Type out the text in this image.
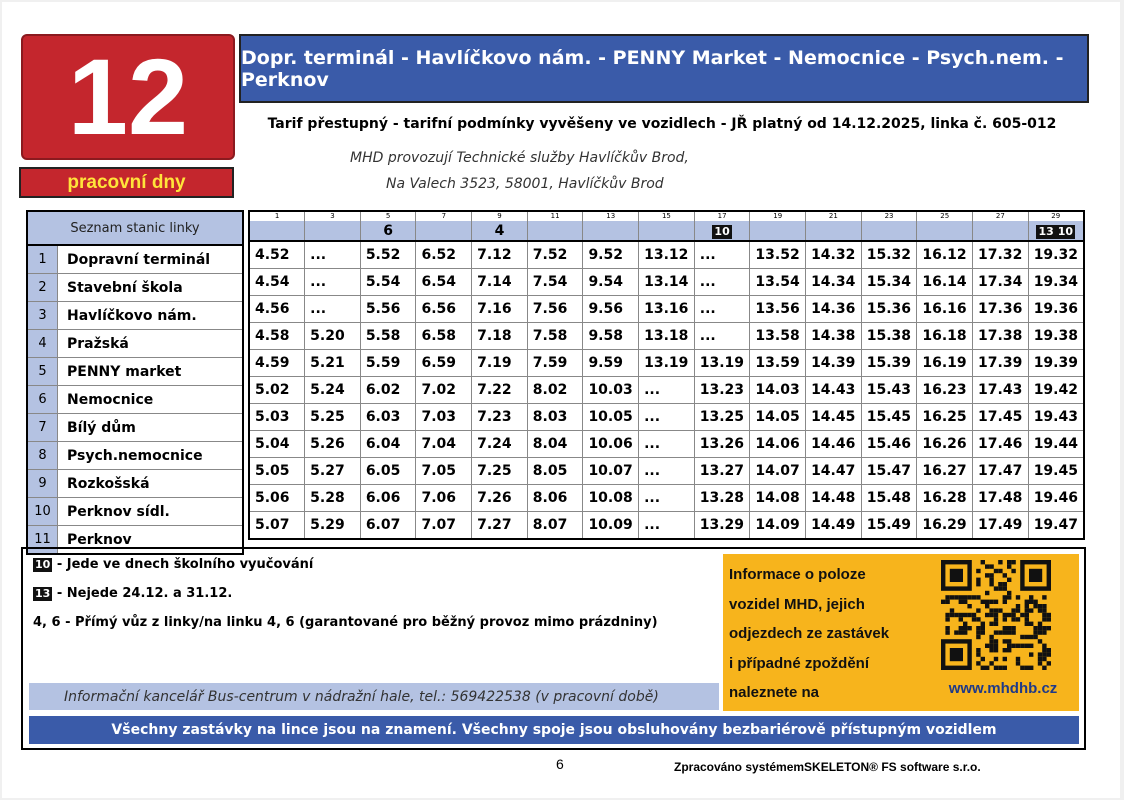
12
pracovní dny
Dopr. terminál - Havlíčkovo nám. - PENNY Market - Nemocnice - Psych.nem. - Perknov
Tarif přestupný - tarifní podmínky vyvěšeny ve vozidlech - JŘ platný od 14.12.2025, linka č. 605-012
MHD provozují Technické služby Havlíčkův Brod,
Na Valech 3523, 58001, Havlíčkův Brod
Seznam stanic linky
1	Dopravní terminál
2	Stavební škola
3	Havlíčkovo nám.
4	Pražská
5	PENNY market
6	Nemocnice
7	Bílý dům
8	Psych.nemocnice
9	Rozkošská
10	Perknov sídl.
11	Perknov
1	3	5	7	9	11	13	15	17	19	21	23	25	27	29
		6		4				10						13 10
4.52	...	5.52	6.52	7.12	7.52	9.52	13.12	...	13.52	14.32	15.32	16.12	17.32	19.32
4.54	...	5.54	6.54	7.14	7.54	9.54	13.14	...	13.54	14.34	15.34	16.14	17.34	19.34
4.56	...	5.56	6.56	7.16	7.56	9.56	13.16	...	13.56	14.36	15.36	16.16	17.36	19.36
4.58	5.20	5.58	6.58	7.18	7.58	9.58	13.18	...	13.58	14.38	15.38	16.18	17.38	19.38
4.59	5.21	5.59	6.59	7.19	7.59	9.59	13.19	13.19	13.59	14.39	15.39	16.19	17.39	19.39
5.02	5.24	6.02	7.02	7.22	8.02	10.03	...	13.23	14.03	14.43	15.43	16.23	17.43	19.42
5.03	5.25	6.03	7.03	7.23	8.03	10.05	...	13.25	14.05	14.45	15.45	16.25	17.45	19.43
5.04	5.26	6.04	7.04	7.24	8.04	10.06	...	13.26	14.06	14.46	15.46	16.26	17.46	19.44
5.05	5.27	6.05	7.05	7.25	8.05	10.07	...	13.27	14.07	14.47	15.47	16.27	17.47	19.45
5.06	5.28	6.06	7.06	7.26	8.06	10.08	...	13.28	14.08	14.48	15.48	16.28	17.48	19.46
5.07	5.29	6.07	7.07	7.27	8.07	10.09	...	13.29	14.09	14.49	15.49	16.29	17.49	19.47
10 - Jede ve dnech školního vyučování
13 - Nejede 24.12. a 31.12.
4, 6 - Přímý vůz z linky/na linku 4, 6 (garantované pro běžný provoz mimo prázdniny)
Informační kancelář Bus-centrum v nádražní hale, tel.: 569422538 (v pracovní době)
Informace o poloze
vozidel MHD, jejich
odjezdech ze zastávek
i případné zpoždění
naleznete na	www.mhdhb.cz
Všechny zastávky na lince jsou na znamení. Všechny spoje jsou obsluhovány bezbariérově přístupným vozidlem
6	Zpracováno systémemSKELETON® FS software s.r.o.
